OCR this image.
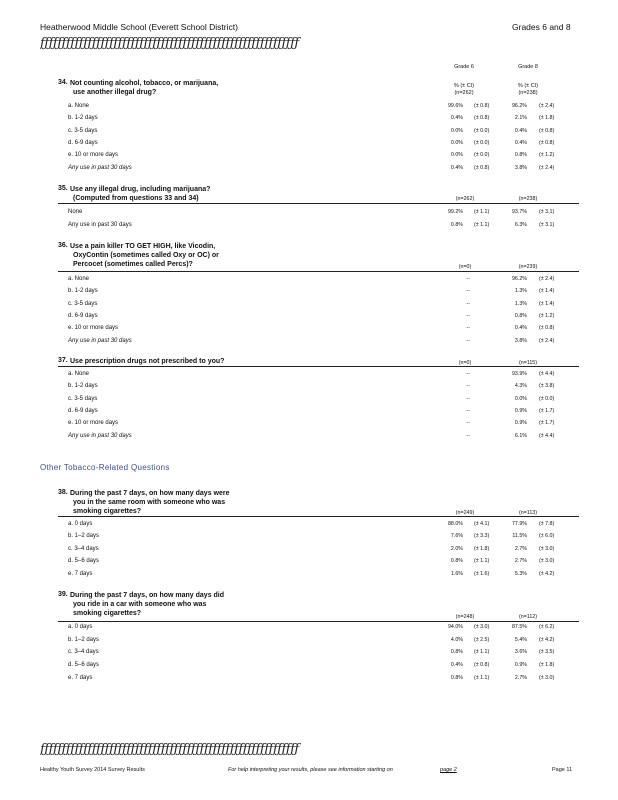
Heatherwood Middle School (Everett School District)	Grades 6 and 8
ƒƒƒƒƒƒƒƒƒƒƒƒƒƒƒƒƒƒƒƒƒƒƒƒƒƒƒƒƒƒƒƒƒƒƒƒƒƒƒƒƒƒƒƒƒƒƒƒƒƒƒƒƒƒƒƒƒƒƒƒ
Grade 6	Grade 8
% (± CI)	% (± CI)
(n=262)	(n=238)
34. Not counting alcohol, tobacco, or marijuana,
use another illegal drug?
a. None	99.6% (± 0.8)	96.2% (± 2.4)
b. 1-2 days	0.4% (± 0.8)	2.1% (± 1.8)
c. 3-5 days	0.0% (± 0.0)	0.4% (± 0.8)
d. 6-9 days	0.0% (± 0.0)	0.4% (± 0.8)
e. 10 or more days	0.0% (± 0.0)	0.8% (± 1.2)
Any use in past 30 days	0.4% (± 0.8)	3.8% (± 2.4)
35. Use any illegal drug, including marijuana?
(Computed from questions 33 and 34)	(n=262)	(n=238)
None	99.2% (± 1.1)	93.7% (± 3.1)
Any use in past 30 days	0.8% (± 1.1)	6.3% (± 3.1)
36. Use a pain killer TO GET HIGH, like Vicodin,
OxyContin (sometimes called Oxy or OC) or
Percocet (sometimes called Percs)?	(n=0)	(n=239)
a. None	--	96.2% (± 2.4)
b. 1-2 days	--	1.3% (± 1.4)
c. 3-5 days	--	1.3% (± 1.4)
d. 6-9 days	--	0.8% (± 1.2)
e. 10 or more days	--	0.4% (± 0.8)
Any use in past 30 days	--	3.8% (± 2.4)
37. Use prescription drugs not prescribed to you?	(n=0)	(n=115)
a. None	--	93.9% (± 4.4)
b. 1-2 days	--	4.3% (± 3.8)
c. 3-5 days	--	0.0% (± 0.0)
d. 6-9 days	--	0.9% (± 1.7)
e. 10 or more days	--	0.9% (± 1.7)
Any use in past 30 days	--	6.1% (± 4.4)
38. During the past 7 days, on how many days were
you in the same room with someone who was
smoking cigarettes?	(n=249)	(n=113)
a. 0 days	88.0% (± 4.1)	77.9% (± 7.8)
b. 1–2 days	7.6% (± 3.3)	11.5% (± 6.0)
c. 3–4 days	2.0% (± 1.8)	2.7% (± 3.0)
d. 5–6 days	0.8% (± 1.1)	2.7% (± 3.0)
e. 7 days	1.6% (± 1.6)	5.3% (± 4.2)
39. During the past 7 days, on how many days did
you ride in a car with someone who was
smoking cigarettes?	(n=248)	(n=112)
a. 0 days	94.0% (± 3.0)	87.5% (± 6.2)
b. 1–2 days	4.0% (± 2.5)	5.4% (± 4.2)
c. 3–4 days	0.8% (± 1.1)	3.6% (± 3.5)
d. 5–6 days	0.4% (± 0.8)	0.9% (± 1.8)
e. 7 days	0.8% (± 1.1)	2.7% (± 3.0)
Other Tobacco-Related Questions
ƒƒƒƒƒƒƒƒƒƒƒƒƒƒƒƒƒƒƒƒƒƒƒƒƒƒƒƒƒƒƒƒƒƒƒƒƒƒƒƒƒƒƒƒƒƒƒƒƒƒƒƒƒƒƒƒƒƒƒƒ
Healthy Youth Survey 2014 Survey Results	For help interpreting your results, please see information starting on	page 2	Page 11
